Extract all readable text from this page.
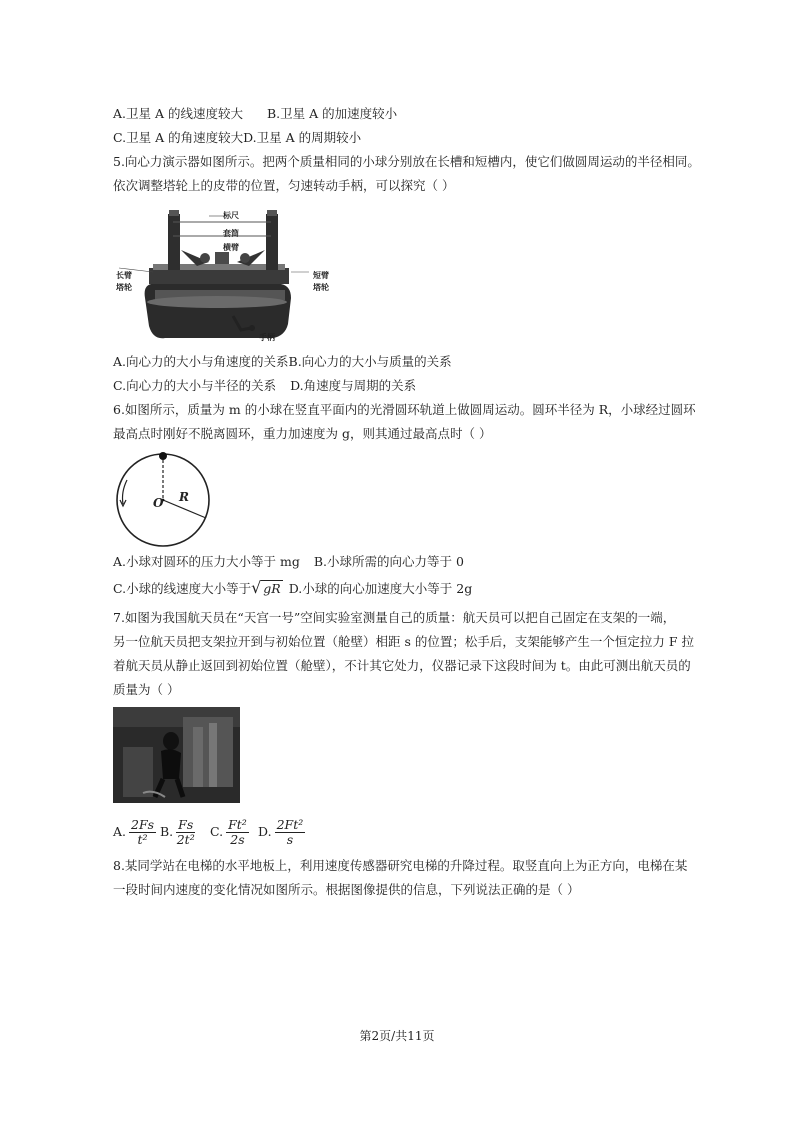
A.卫星 A 的线速度较大 B.卫星 A 的加速度较小
C.卫星 A 的角速度较大D.卫星 A 的周期较小
5.向心力演示器如图所示。把两个质量相同的小球分别放在长槽和短槽内，使它们做圆周运动的半径相同。
依次调整塔轮上的皮带的位置，匀速转动手柄，可以探究（ ）
标尺
套筒
横臂
长臂
塔轮
短臂
塔轮
手柄
A.向心力的大小与角速度的关系B.向心力的大小与质量的关系
C.向心力的大小与半径的关系 D.角速度与周期的关系
6.如图所示，质量为 m 的小球在竖直平面内的光滑圆环轨道上做圆周运动。圆环半径为 R，小球经过圆环
最高点时刚好不脱离圆环，重力加速度为 g，则其通过最高点时（ ）
O R
A.小球对圆环的压力大小等于 mg B.小球所需的向心力等于 0
C.小球的线速度大小等于√ gR D.小球的向心加速度大小等于 2g
7.如图为我国航天员在“天宫一号”空间实验室测量自己的质量：航天员可以把自己固定在支架的一端，
另一位航天员把支架拉开到与初始位置（舱壁）相距 s 的位置；松手后，支架能够产生一个恒定拉力 F 拉
着航天员从静止返回到初始位置（舱壁），不计其它处力，仪器记录下这段时间为 t。由此可测出航天员的
质量为（ ）
A. $\frac{2Fs}{\text{t²}} B$. $\frac{Fs}{\text{2t²}} C$. $\frac{\text{Ft²}}{2s} D$. $\frac{\text{2Ft²}}{s}$
8.某同学站在电梯的水平地板上，利用速度传感器研究电梯的升降过程。取竖直向上为正方向，电梯在某
一段时间内速度的变化情况如图所示。根据图像提供的信息，下列说法正确的是（ ）
第2页/共11页
